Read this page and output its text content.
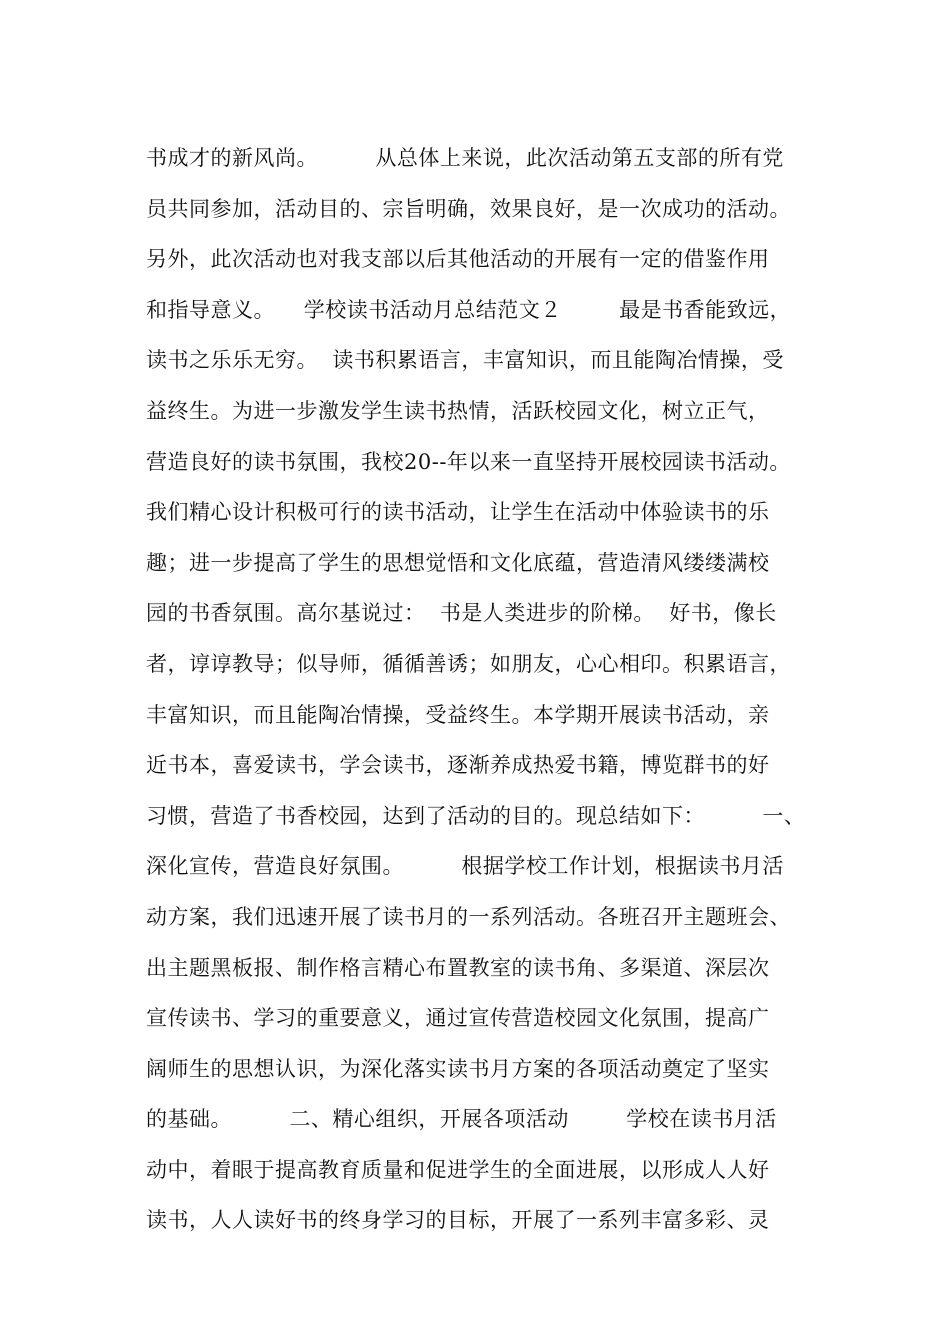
书成才的新风尚。        从总体上来说，此次活动第五支部的所有党
员共同参加，活动目的、宗旨明确，效果良好，是一次成功的活动。
另外，此次活动也对我支部以后其他活动的开展有一定的借鉴作用
和指导意义。    学校读书活动月总结范文２        最是书香能致远，
读书之乐乐无穷。  读书积累语言，丰富知识，而且能陶冶情操，受
益终生。为进一步激发学生读书热情，活跃校园文化，树立正气，
营造良好的读书氛围，我校20--年以来一直坚持开展校园读书活动。
我们精心设计积极可行的读书活动，让学生在活动中体验读书的乐
趣；进一步提高了学生的思想觉悟和文化底蕴，营造清风缕缕满校
园的书香氛围。高尔基说过：  书是人类进步的阶梯。  好书，像长
者，谆谆教导；似导师，循循善诱；如朋友，心心相印。积累语言，
丰富知识，而且能陶冶情操，受益终生。本学期开展读书活动，亲
近书本，喜爱读书，学会读书，逐渐养成热爱书籍，博览群书的好
习惯，营造了书香校园，达到了活动的目的。现总结如下：        一、
深化宣传，营造良好氛围。        根据学校工作计划，根据读书月活
动方案，我们迅速开展了读书月的一系列活动。各班召开主题班会、
出主题黑板报、制作格言精心布置教室的读书角、多渠道、深层次
宣传读书、学习的重要意义，通过宣传营造校园文化氛围，提高广
阔师生的思想认识，为深化落实读书月方案的各项活动奠定了坚实
的基础。        二、精心组织，开展各项活动        学校在读书月活
动中，着眼于提高教育质量和促进学生的全面进展，以形成人人好
读书，人人读好书的终身学习的目标，开展了一系列丰富多彩、灵
